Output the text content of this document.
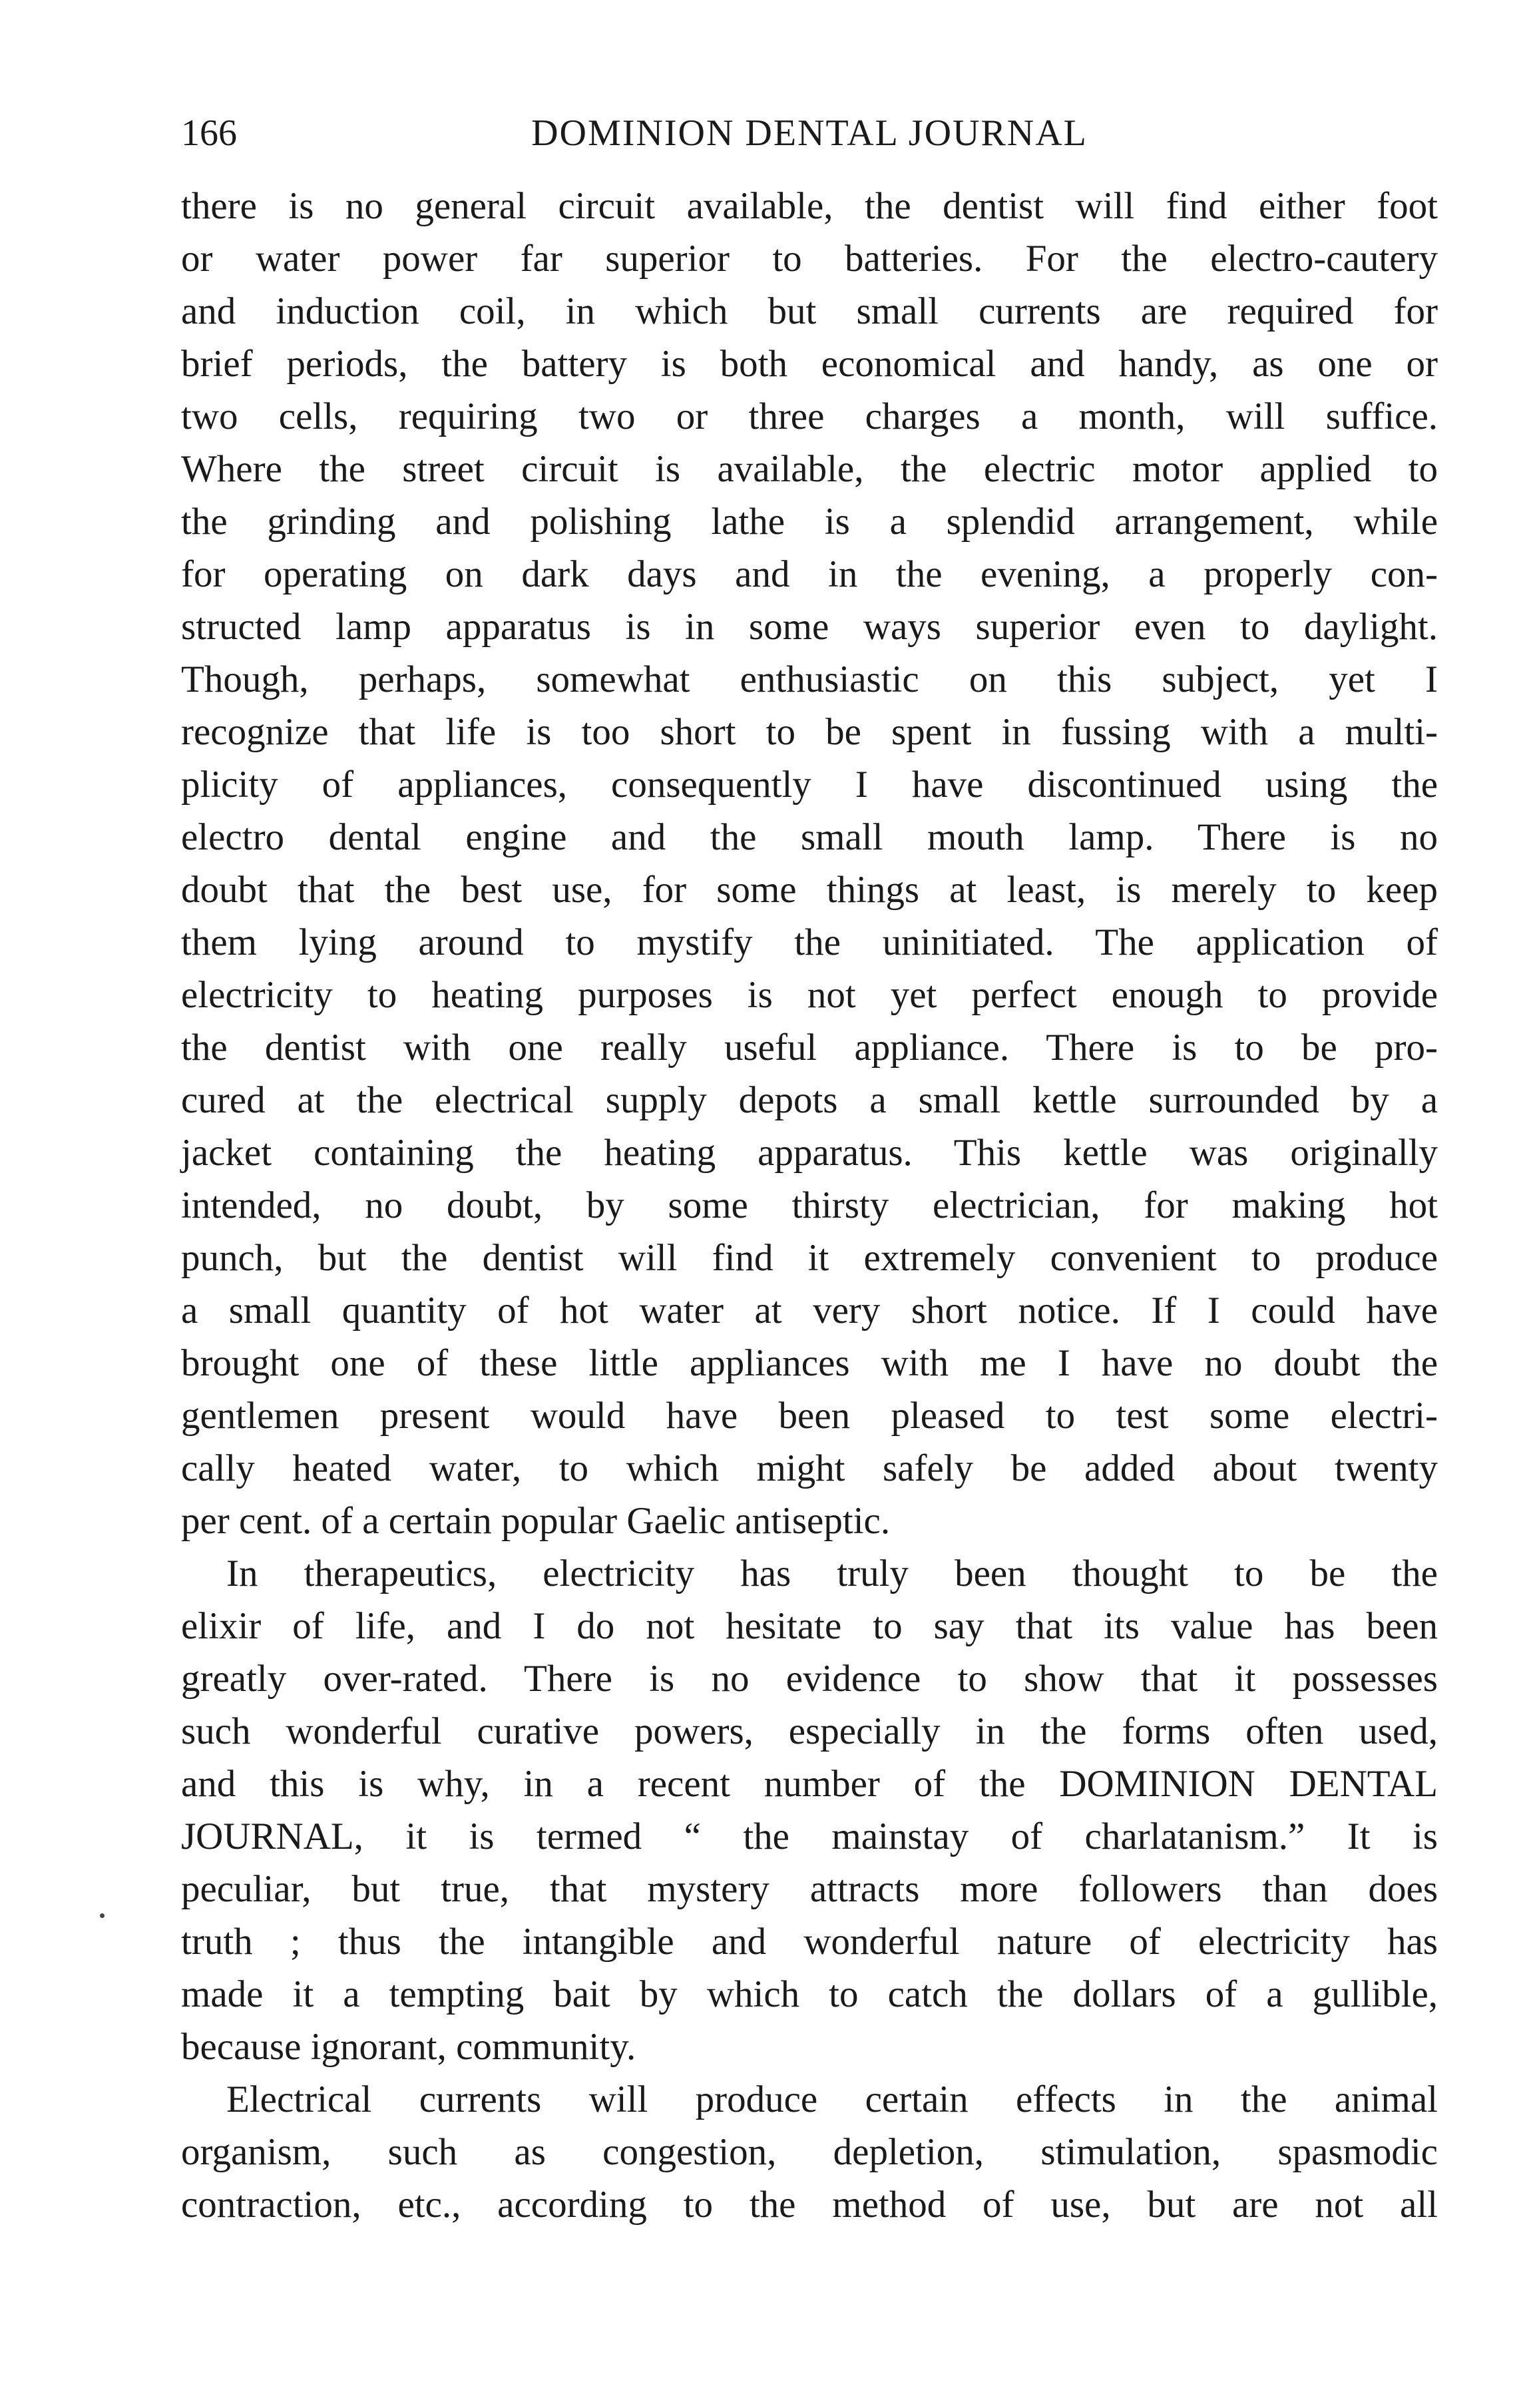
166	DOMINION DENTAL JOURNAL
there is no general circuit available, the dentist will find either foot
or water power far superior to batteries. For the electro-cautery
and induction coil, in which but small currents are required for
brief periods, the battery is both economical and handy, as one or
two cells, requiring two or three charges a month, will suffice.
Where the street circuit is available, the electric motor applied to
the grinding and polishing lathe is a splendid arrangement, while
for operating on dark days and in the evening, a properly con-
structed lamp apparatus is in some ways superior even to daylight.
Though, perhaps, somewhat enthusiastic on this subject, yet I
recognize that life is too short to be spent in fussing with a multi-
plicity of appliances, consequently I have discontinued using the
electro dental engine and the small mouth lamp. There is no
doubt that the best use, for some things at least, is merely to keep
them lying around to mystify the uninitiated. The application of
electricity to heating purposes is not yet perfect enough to provide
the dentist with one really useful appliance. There is to be pro-
cured at the electrical supply depots a small kettle surrounded by a
jacket containing the heating apparatus. This kettle was originally
intended, no doubt, by some thirsty electrician, for making hot
punch, but the dentist will find it extremely convenient to produce
a small quantity of hot water at very short notice. If I could have
brought one of these little appliances with me I have no doubt the
gentlemen present would have been pleased to test some electri-
cally heated water, to which might safely be added about twenty
per cent. of a certain popular Gaelic antiseptic.
In therapeutics, electricity has truly been thought to be the
elixir of life, and I do not hesitate to say that its value has been
greatly over-rated. There is no evidence to show that it possesses
such wonderful curative powers, especially in the forms often used,
and this is why, in a recent number of the DOMINION DENTAL
JOURNAL, it is termed “ the mainstay of charlatanism.” It is
peculiar, but true, that mystery attracts more followers than does
truth ; thus the intangible and wonderful nature of electricity has
made it a tempting bait by which to catch the dollars of a gullible,
because ignorant, community.
Electrical currents will produce certain effects in the animal
organism, such as congestion, depletion, stimulation, spasmodic
contraction, etc., according to the method of use, but are not all
